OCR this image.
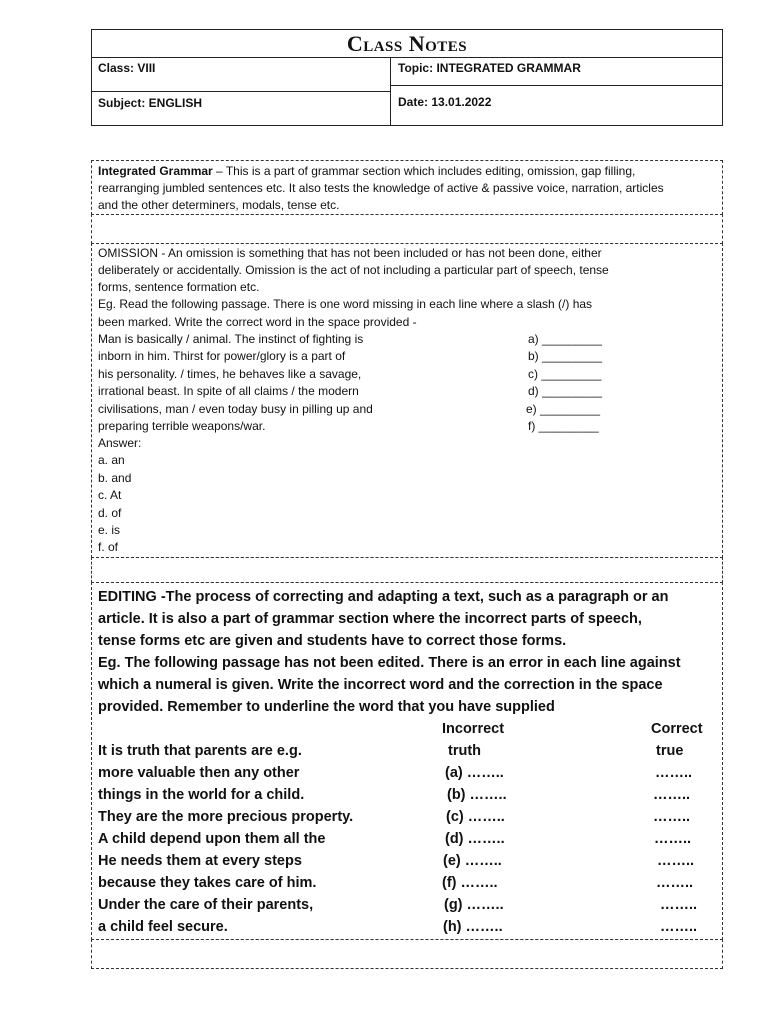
Class Notes
Class: VIII	Topic: INTEGRATED GRAMMAR
Subject: ENGLISH	Date: 13.01.2022
Integrated Grammar – This is a part of grammar section which includes editing, omission, gap filling,
rearranging jumbled sentences etc. It also tests the knowledge of active & passive voice, narration, articles
and the other determiners, modals, tense etc.
OMISSION - An omission is something that has not been included or has not been done, either
deliberately or accidentally. Omission is the act of not including a particular part of speech, tense
forms, sentence formation etc.
Eg. Read the following passage. There is one word missing in each line where a slash (/) has
been marked. Write the correct word in the space provided -
Man is basically / animal. The instinct of fighting is	a) _________
inborn in him. Thirst for power/glory is a part of	b) _________
his personality. / times, he behaves like a savage,	c) _________
irrational beast. In spite of all claims / the modern	d) _________
civilisations, man / even today busy in pilling up and	e) _________
preparing terrible weapons/war.	f) _________
Answer:
a. an
b. and
c. At
d. of
e. is
f. of
EDITING -The process of correcting and adapting a text, such as a paragraph or an
article. It is also a part of grammar section where the incorrect parts of speech,
tense forms etc are given and students have to correct those forms.
Eg. The following passage has not been edited. There is an error in each line against
which a numeral is given. Write the incorrect word and the correction in the space
provided. Remember to underline the word that you have supplied
Incorrect	Correct
It is truth that parents are e.g.	truth	true
more valuable then any other	(a) ……..	……..
things in the world for a child.	(b) ……..	……..
They are the more precious property.	(c) ……..	……..
A child depend upon them all the	(d) ……..	……..
He needs them at every steps	(e) ……..	……..
because they takes care of him.	(f) ……..	……..
Under the care of their parents,	(g) ……..	……..
a child feel secure.	(h) ……..	……..
